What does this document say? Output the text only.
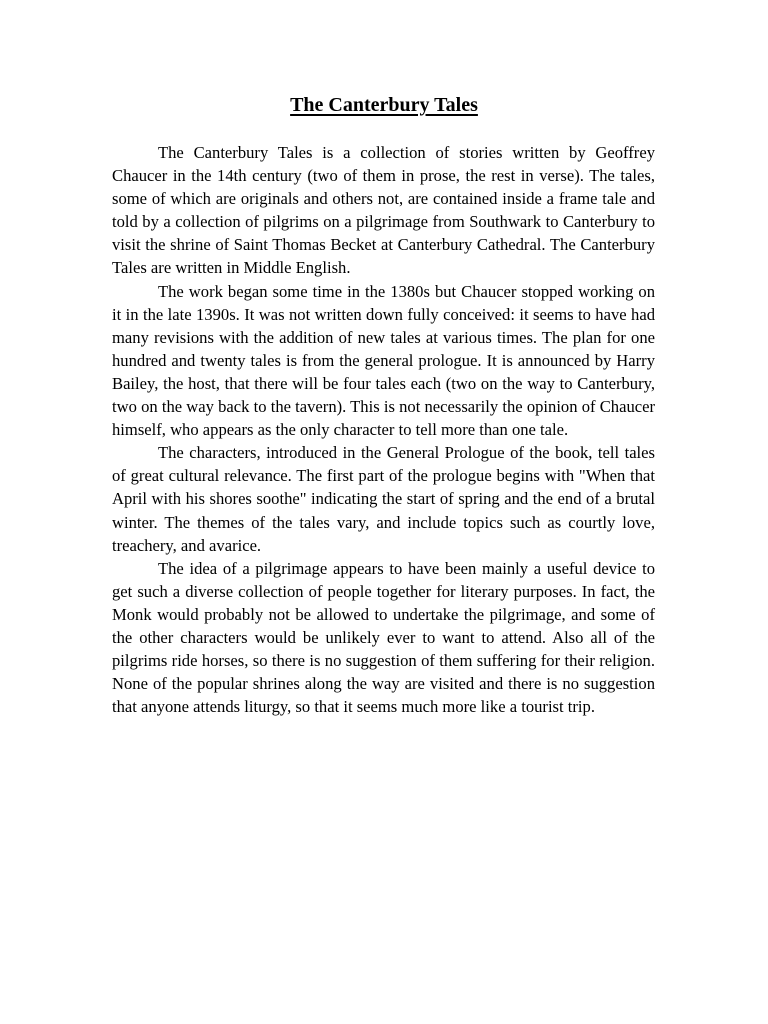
The Canterbury Tales

The Canterbury Tales is a collection of stories written by Geoffrey Chaucer in the 14th century (two of them in prose, the rest in verse). The tales, some of which are originals and others not, are contained inside a frame tale and told by a collection of pilgrims on a pilgrimage from Southwark to Canterbury to visit the shrine of Saint Thomas Becket at Canterbury Cathedral. The Canterbury Tales are written in Middle English.

The work began some time in the 1380s but Chaucer stopped working on it in the late 1390s. It was not written down fully conceived: it seems to have had many revisions with the addition of new tales at various times. The plan for one hundred and twenty tales is from the general prologue. It is announced by Harry Bailey, the host, that there will be four tales each (two on the way to Canterbury, two on the way back to the tavern). This is not necessarily the opinion of Chaucer himself, who appears as the only character to tell more than one tale.

The characters, introduced in the General Prologue of the book, tell tales of great cultural relevance. The first part of the prologue begins with "When that April with his shores soothe" indicating the start of spring and the end of a brutal winter. The themes of the tales vary, and include topics such as courtly love, treachery, and avarice.

The idea of a pilgrimage appears to have been mainly a useful device to get such a diverse collection of people together for literary purposes. In fact, the Monk would probably not be allowed to undertake the pilgrimage, and some of the other characters would be unlikely ever to want to attend. Also all of the pilgrims ride horses, so there is no suggestion of them suffering for their religion. None of the popular shrines along the way are visited and there is no suggestion that anyone attends liturgy, so that it seems much more like a tourist trip.
